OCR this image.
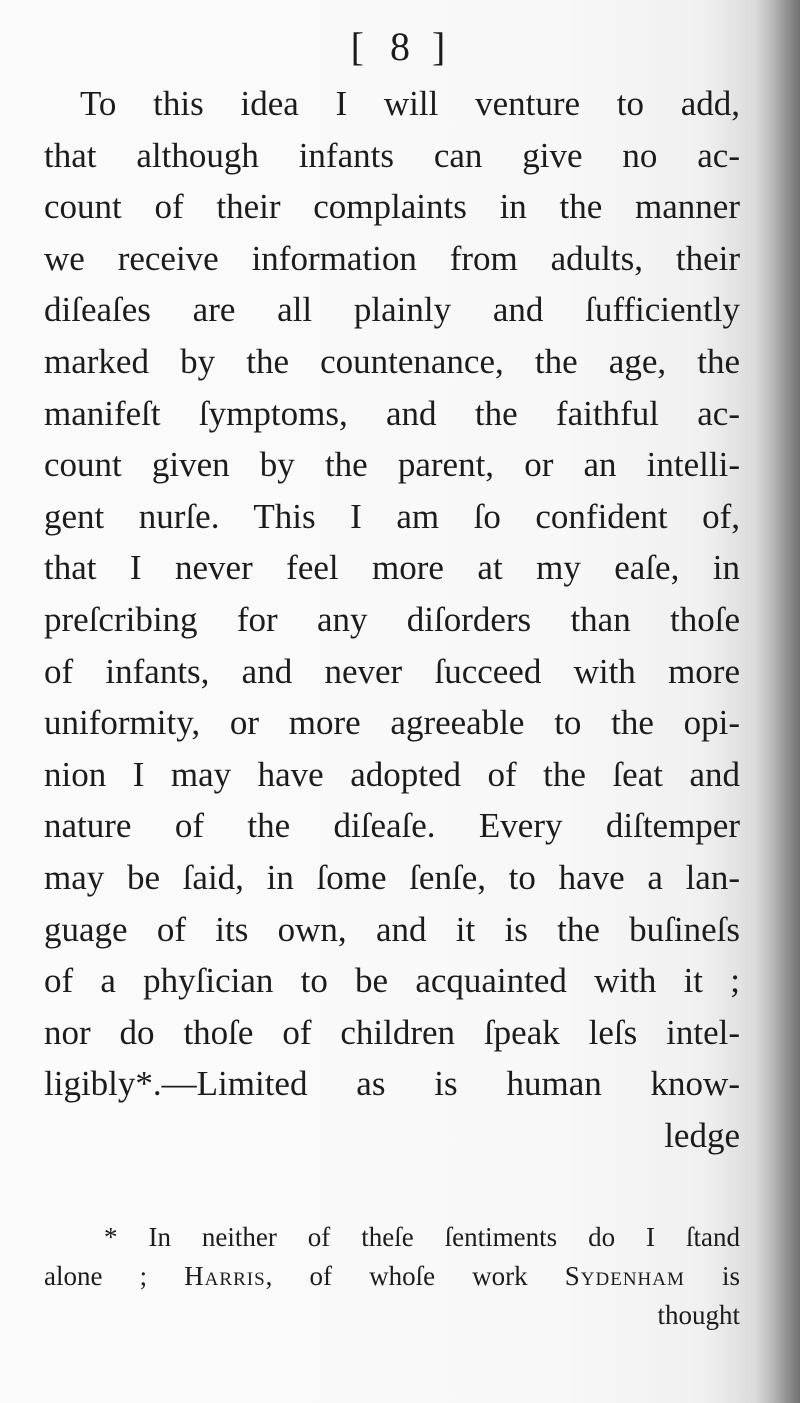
[ 8 ]
To this idea I will venture to add,
that although infants can give no ac-
count of their complaints in the manner
we receive information from adults, their
diſeaſes are all plainly and ſufficiently
marked by the countenance, the age, the
manifeſt ſymptoms, and the faithful ac-
count given by the parent, or an intelli-
gent nurſe. This I am ſo confident of,
that I never feel more at my eaſe, in
preſcribing for any diſorders than thoſe
of infants, and never ſucceed with more
uniformity, or more agreeable to the opi-
nion I may have adopted of the ſeat and
nature of the diſeaſe. Every diſtemper
may be ſaid, in ſome ſenſe, to have a lan-
guage of its own, and it is the buſineſs
of a phyſician to be acquainted with it ;
nor do thoſe of children ſpeak leſs intel-
ligibly*.—Limited as is human know-
ledge
* In neither of theſe ſentiments do I ſtand
alone ; Harris, of whoſe work Sydenham is
thought
